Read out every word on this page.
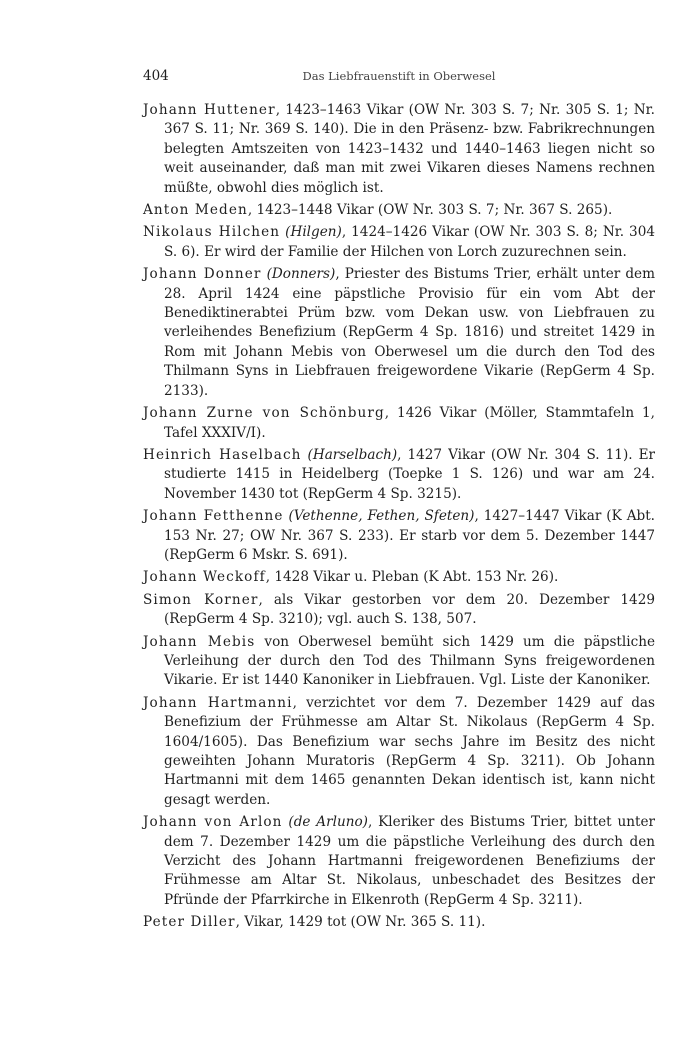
404	Das Liebfrauenstift in Oberwesel

Johann Huttener, 1423–1463 Vikar (OW Nr. 303 S. 7; Nr. 305 S. 1; Nr. 367 S. 11; Nr. 369 S. 140). Die in den Präsenz- bzw. Fabrikrechnungen belegten Amtszeiten von 1423–1432 und 1440–1463 liegen nicht so weit auseinander, daß man mit zwei Vikaren dieses Namens rechnen müßte, obwohl dies möglich ist.

Anton Meden, 1423–1448 Vikar (OW Nr. 303 S. 7; Nr. 367 S. 265).

Nikolaus Hilchen (Hilgen), 1424–1426 Vikar (OW Nr. 303 S. 8; Nr. 304 S. 6). Er wird der Familie der Hilchen von Lorch zuzurechnen sein.

Johann Donner (Donners), Priester des Bistums Trier, erhält unter dem 28. April 1424 eine päpstliche Provisio für ein vom Abt der Benediktinerabtei Prüm bzw. vom Dekan usw. von Liebfrauen zu verleihendes Benefizium (RepGerm 4 Sp. 1816) und streitet 1429 in Rom mit Johann Mebis von Oberwesel um die durch den Tod des Thilmann Syns in Liebfrauen freigewordene Vikarie (RepGerm 4 Sp. 2133).

Johann Zurne von Schönburg, 1426 Vikar (Möller, Stammtafeln 1, Tafel XXXIV/I).

Heinrich Haselbach (Harselbach), 1427 Vikar (OW Nr. 304 S. 11). Er studierte 1415 in Heidelberg (Toepke 1 S. 126) und war am 24. November 1430 tot (RepGerm 4 Sp. 3215).

Johann Fetthenne (Vethenne, Fethen, Sfeten), 1427–1447 Vikar (K Abt. 153 Nr. 27; OW Nr. 367 S. 233). Er starb vor dem 5. Dezember 1447 (RepGerm 6 Mskr. S. 691).

Johann Weckoff, 1428 Vikar u. Pleban (K Abt. 153 Nr. 26).

Simon Korner, als Vikar gestorben vor dem 20. Dezember 1429 (RepGerm 4 Sp. 3210); vgl. auch S. 138, 507.

Johann Mebis von Oberwesel bemüht sich 1429 um die päpstliche Verleihung der durch den Tod des Thilmann Syns freigewordenen Vikarie. Er ist 1440 Kanoniker in Liebfrauen. Vgl. Liste der Kanoniker.

Johann Hartmanni, verzichtet vor dem 7. Dezember 1429 auf das Benefizium der Frühmesse am Altar St. Nikolaus (RepGerm 4 Sp. 1604/1605). Das Benefizium war sechs Jahre im Besitz des nicht geweihten Johann Muratoris (RepGerm 4 Sp. 3211). Ob Johann Hartmanni mit dem 1465 genannten Dekan identisch ist, kann nicht gesagt werden.

Johann von Arlon (de Arluno), Kleriker des Bistums Trier, bittet unter dem 7. Dezember 1429 um die päpstliche Verleihung des durch den Verzicht des Johann Hartmanni freigewordenen Benefiziums der Frühmesse am Altar St. Nikolaus, unbeschadet des Besitzes der Pfründe der Pfarrkirche in Elkenroth (RepGerm 4 Sp. 3211).

Peter Diller, Vikar, 1429 tot (OW Nr. 365 S. 11).
